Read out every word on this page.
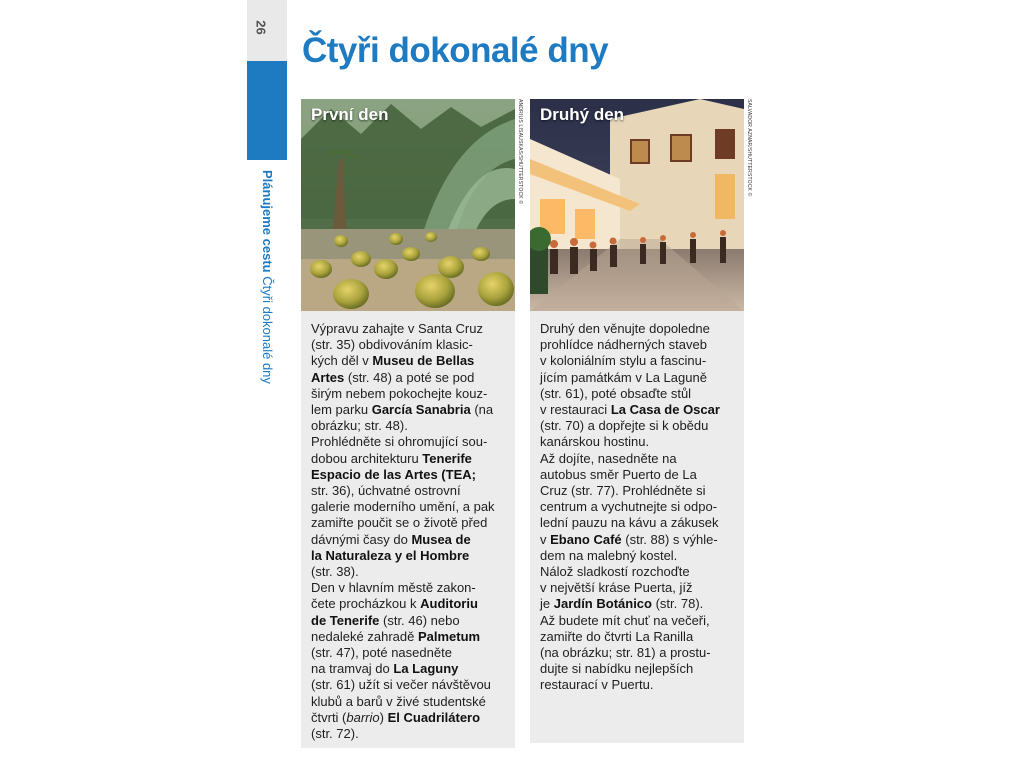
26
Plánujeme cestu Čtyři dokonalé dny
Čtyři dokonalé dny
První den

Výpravu zahajte v Santa Cruz

(str. 35) obdivováním klasic-

kých děl v Museu de Bellas

Artes (str. 48) a poté se pod

širým nebem pokochejte kouz-

lem parku García Sanabria (na

obrázku; str. 48).

Prohlédněte si ohromující sou-

dobou architekturu Tenerife

Espacio de las Artes (TEA;

str. 36), úchvatné ostrovní

galerie moderního umění, a pak

zamiřte poučit se o životě před

dávnými časy do Musea de

la Naturaleza y el Hombre

(str. 38).

Den v hlavním městě zakon-

čete procházkou k Auditoriu

de Tenerife (str. 46) nebo

nedaleké zahradě Palmetum

(str. 47), poté nasedněte

na tramvaj do La Laguny

(str. 61) užít si večer návštěvou

klubů a barů v živé studentské

čtvrti (barrio) El Cuadrilátero

(str. 72).

ANDRIUS LISAUSKAS/SHUTTERSTOCK © Druhý den

Druhý den věnujte dopoledne

prohlídce nádherných staveb

v koloniálním stylu a fascinu-

jícím památkám v La Laguně

(str. 61), poté obsaďte stůl

v restauraci La Casa de Oscar

(str. 70) a dopřejte si k obědu

kanárskou hostinu.

Až dojíte, nasedněte na

autobus směr Puerto de La

Cruz (str. 77). Prohlédněte si

centrum a vychutnejte si odpo-

lední pauzu na kávu a zákusek

v Ebano Café (str. 88) s výhle-

dem na malebný kostel.

Nálož sladkostí rozchoďte

v největší kráse Puerta, jíž

je Jardín Botánico (str. 78).

Až budete mít chuť na večeři,

zamiřte do čtvrti La Ranilla

(na obrázku; str. 81) a prostu-

dujte si nabídku nejlepších

restaurací v Puertu.

SALVADOR AZNAR/SHUTTERSTOCK ©
